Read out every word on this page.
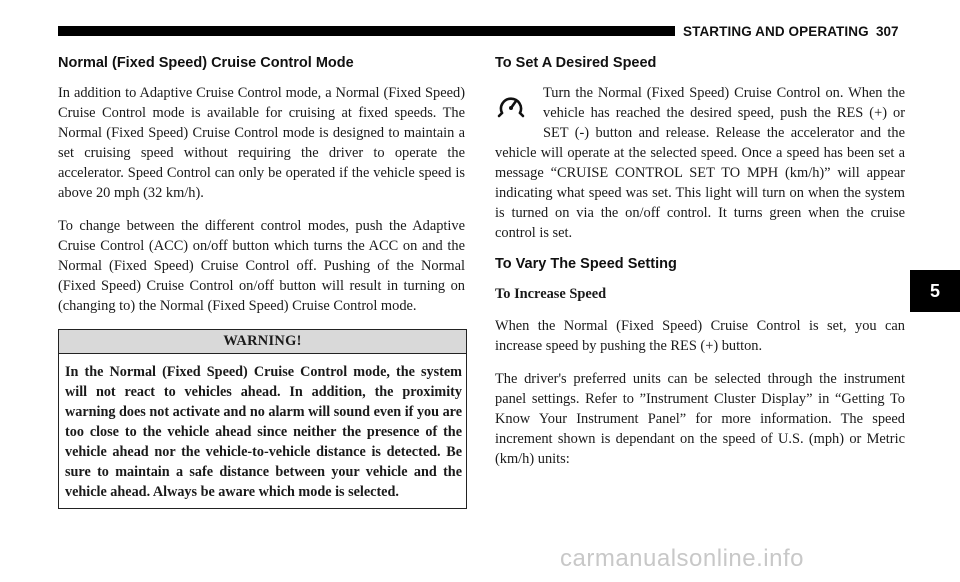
STARTING AND OPERATING 307
5
Normal (Fixed Speed) Cruise Control Mode

In addition to Adaptive Cruise Control mode, a Normal (Fixed Speed) Cruise Control mode is available for cruising at fixed speeds. The Normal (Fixed Speed) Cruise Control mode is designed to maintain a set cruising speed without requiring the driver to operate the accelerator. Speed Control can only be operated if the vehicle speed is above 20 mph (32 km/h).

To change between the different control modes, push the Adaptive Cruise Control (ACC) on/off button which turns the ACC on and the Normal (Fixed Speed) Cruise Control off. Pushing of the Normal (Fixed Speed) Cruise Control on/off button will result in turning on (changing to) the Normal (Fixed Speed) Cruise Control mode.

WARNING!

In the Normal (Fixed Speed) Cruise Control mode, the system will not react to vehicles ahead. In addition, the proximity warning does not activate and no alarm will sound even if you are too close to the vehicle ahead since neither the presence of the vehicle ahead nor the vehicle-to-vehicle distance is detected. Be sure to maintain a safe distance between your vehicle and the vehicle ahead. Always be aware which mode is selected.

To Set A Desired Speed

Turn the Normal (Fixed Speed) Cruise Control on. When the vehicle has reached the desired speed, push the RES (+) or SET (-) button and release. Release the accelerator and the vehicle will operate at the selected speed. Once a speed has been set a message “CRUISE CONTROL SET TO MPH (km/h)” will appear indicating what speed was set. This light will turn on when the system is turned on via the on/off control. It turns green when the cruise control is set.

To Vary The Speed Setting

To Increase Speed

When the Normal (Fixed Speed) Cruise Control is set, you can increase speed by pushing the RES (+) button.

The driver's preferred units can be selected through the instrument panel settings. Refer to ”Instrument Cluster Display” in “Getting To Know Your Instrument Panel” for more information. The speed increment shown is dependant on the speed of U.S. (mph) or Metric (km/h) units:

carmanualsonline.info
